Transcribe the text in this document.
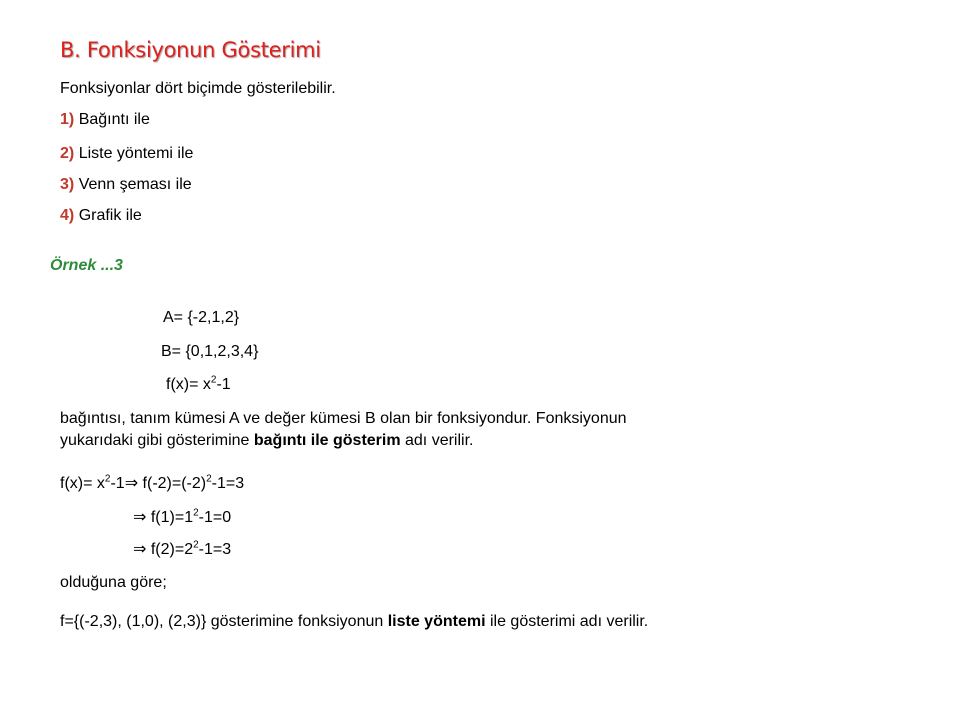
B. Fonksiyonun Gösterimi
Fonksiyonlar dört biçimde gösterilebilir.
1) Bağıntı ile
2) Liste yöntemi ile
3) Venn şeması ile
4) Grafik ile
Örnek ...3
A= {-2,1,2}
B= {0,1,2,3,4}
$f(x)= x^2-1$
bağıntısı, tanım kümesi A ve değer kümesi B olan bir fonksiyondur. Fonksiyonun
yukarıdaki gibi gösterimine bağıntı ile gösterim adı verilir.
$f(x)= x^2-1\Rightarrow$ $f(-2)=(-2)^2-1=3$
⇒ $f(1)=1^2-1=0$
⇒ $f(2)=2^2-1=3$
olduğuna göre;
f={(-2,3), (1,0), (2,3)} gösterimine fonksiyonun liste yöntemi ile gösterimi adı verilir.
